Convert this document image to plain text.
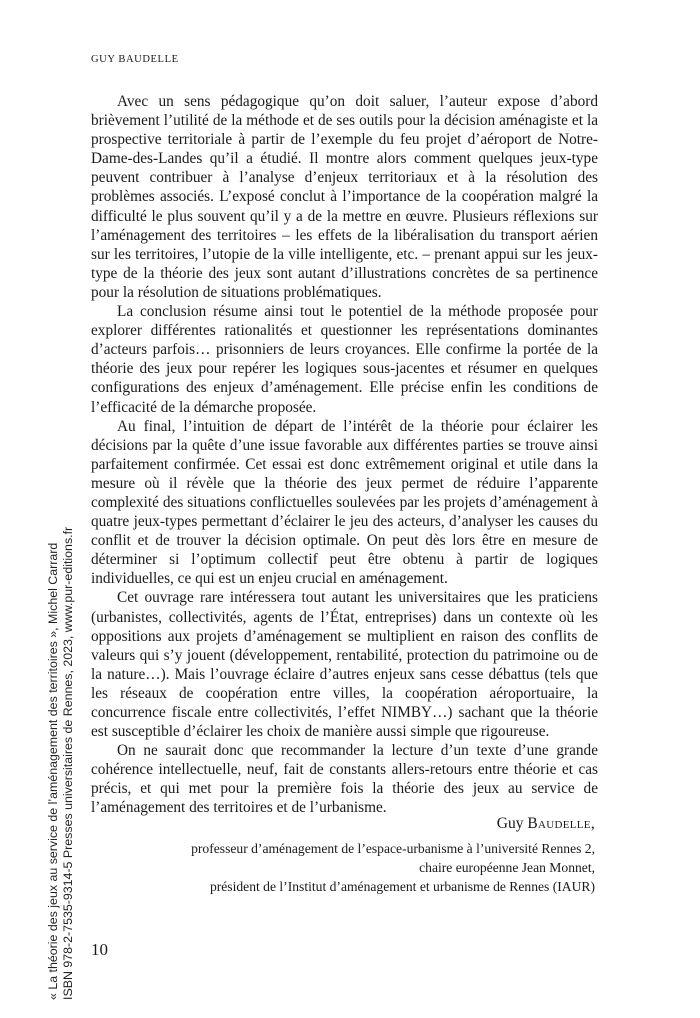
GUY BAUDELLE

Avec un sens pédagogique qu’on doit saluer, l’auteur expose d’abord brièvement l’utilité de la méthode et de ses outils pour la décision aménagiste et la prospective territoriale à partir de l’exemple du feu projet d’aéroport de Notre-Dame-des-Landes qu’il a étudié. Il montre alors comment quelques jeux-type peuvent contribuer à l’analyse d’enjeux territoriaux et à la résolution des problèmes associés. L’exposé conclut à l’importance de la coopération malgré la difficulté le plus souvent qu’il y a de la mettre en œuvre. Plusieurs réflexions sur l’aménagement des territoires – les effets de la libéralisation du transport aérien sur les territoires, l’utopie de la ville intelligente, etc. – prenant appui sur les jeux-type de la théorie des jeux sont autant d’illustrations concrètes de sa pertinence pour la résolution de situations problématiques.

La conclusion résume ainsi tout le potentiel de la méthode proposée pour explorer différentes rationalités et questionner les représentations dominantes d’acteurs parfois… prisonniers de leurs croyances. Elle confirme la portée de la théorie des jeux pour repérer les logiques sous-jacentes et résumer en quelques configurations des enjeux d’aménagement. Elle précise enfin les conditions de l’efficacité de la démarche proposée.

Au final, l’intuition de départ de l’intérêt de la théorie pour éclairer les décisions par la quête d’une issue favorable aux différentes parties se trouve ainsi parfaitement confirmée. Cet essai est donc extrêmement original et utile dans la mesure où il révèle que la théorie des jeux permet de réduire l’apparente complexité des situations conflictuelles soulevées par les projets d’aménagement à quatre jeux-types permettant d’éclairer le jeu des acteurs, d’analyser les causes du conflit et de trouver la décision optimale. On peut dès lors être en mesure de déterminer si l’optimum collectif peut être obtenu à partir de logiques individuelles, ce qui est un enjeu crucial en aménagement.

Cet ouvrage rare intéressera tout autant les universitaires que les praticiens (urbanistes, collectivités, agents de l’État, entreprises) dans un contexte où les oppositions aux projets d’aménagement se multiplient en raison des conflits de valeurs qui s’y jouent (développement, rentabilité, protection du patrimoine ou de la nature…). Mais l’ouvrage éclaire d’autres enjeux sans cesse débattus (tels que les réseaux de coopération entre villes, la coopération aéroportuaire, la concurrence fiscale entre collectivités, l’effet NIMBY…) sachant que la théorie est susceptible d’éclairer les choix de manière aussi simple que rigoureuse.

On ne saurait donc que recommander la lecture d’un texte d’une grande cohérence intellectuelle, neuf, fait de constants allers-retours entre théorie et cas précis, et qui met pour la première fois la théorie des jeux au service de l’aménagement des territoires et de l’urbanisme.

Guy Baudelle,
professeur d’aménagement de l’espace-urbanisme à l’université Rennes 2,
chaire européenne Jean Monnet,
président de l’Institut d’aménagement et urbanisme de Rennes (IAUR)
10
« La théorie des jeux au service de l’aménagement des territoires », Michel Carrard ISBN 978-2-7535-9314-5 Presses universitaires de Rennes, 2023, www.pur-editions.fr
